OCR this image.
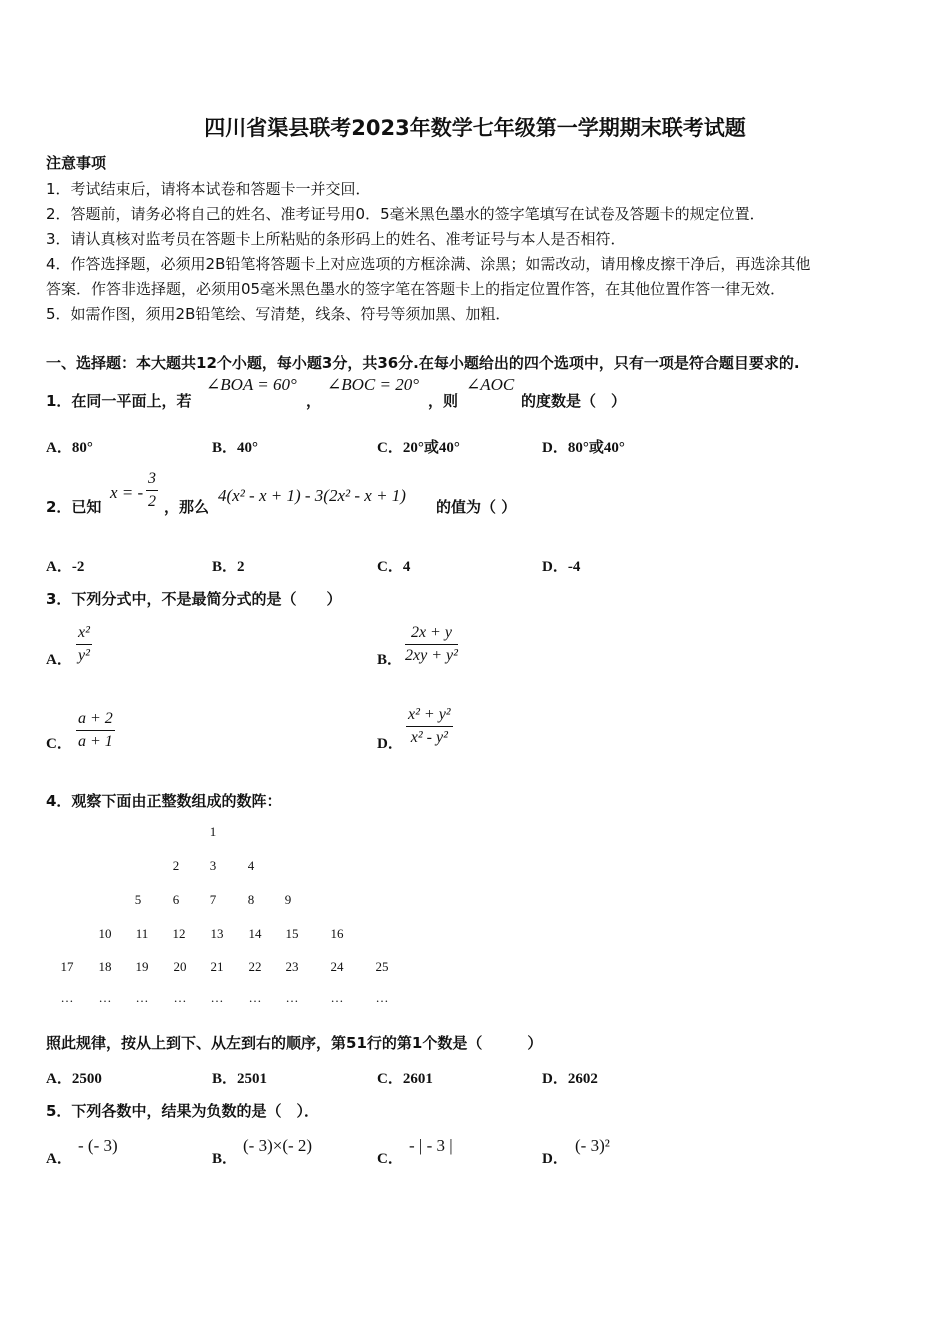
四川省渠县联考2023年数学七年级第一学期期末联考试题
注意事项
1．考试结束后，请将本试卷和答题卡一并交回．
2．答题前，请务必将自己的姓名、准考证号用0．5毫米黑色墨水的签字笔填写在试卷及答题卡的规定位置．
3．请认真核对监考员在答题卡上所粘贴的条形码上的姓名、准考证号与本人是否相符．
4．作答选择题，必须用2B铅笔将答题卡上对应选项的方框涂满、涂黑；如需改动，请用橡皮擦干净后，再选涂其他
答案．作答非选择题，必须用05毫米黑色墨水的签字笔在答题卡上的指定位置作答，在其他位置作答一律无效．
5．如需作图，须用2B铅笔绘、写清楚，线条、符号等须加黑、加粗．
一、选择题：本大题共12个小题，每小题3分，共36分.在每小题给出的四个选项中，只有一项是符合题目要求的.
1．在同一平面上，若
∠BOA = 60°
，
∠BOC = 20°
，则
∠AOC
的度数是（　）
A．80°	B．40°	C．20°或40°	D．80°或40°
2．已知
x = - $\frac{3}{2}$ ，那么
4(x² - x + 1) - 3(2x² - x + 1)
的值为（ ）
A．-2	B．2	C．4	D．-4
3．下列分式中，不是最简分式的是（　　）
A． $\frac{\text{x²}}{\text{y²}}$	B． $\frac{2x + y}{\text{2xy + y²}}$
C． $\frac{a + 2}{a + 1}$	D． $\frac{\text{x² + y²}}{\text{x² - y²}}$
4．观察下面由正整数组成的数阵：
1
2	3	4
5	6	7	8	9
10	11	12	13	14	15	16
17	18	19	20	21	22	23	24	25
…	…	…	…	…	…	…	…	…
照此规律，按从上到下、从左到右的顺序，第51行的第1个数是（　　　）
A．2500	B．2501	C．2601	D．2602
5．下列各数中，结果为负数的是（　）．
A．
- (- 3)
B．
(- 3)×(- 2)
C．
- | - 3 |
D．
(- 3)²
